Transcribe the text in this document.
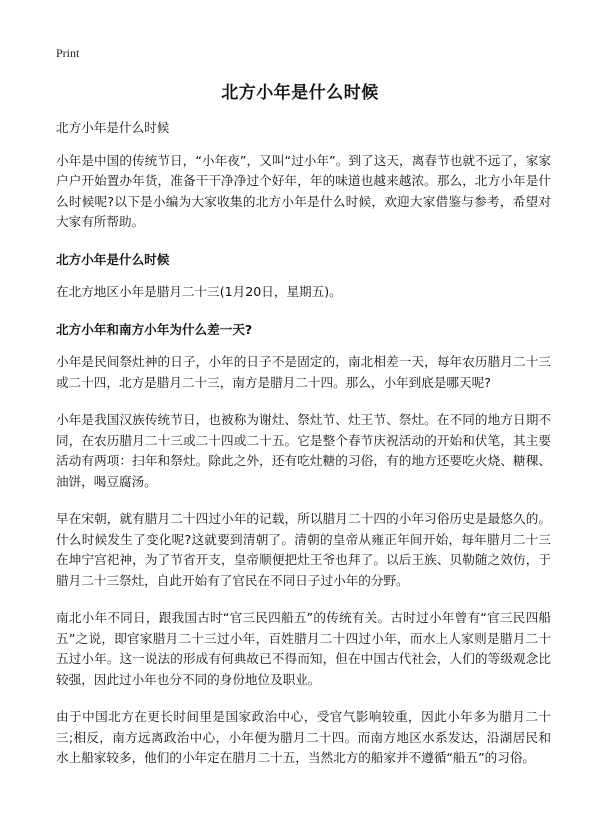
Print
北方小年是什么时候

北方小年是什么时候

小年是中国的传统节日，“小年夜”，又叫“过小年”。到了这天，离春节也就不远了，家家户户开始置办年货，准备干干净净过个好年，年的味道也越来越浓。那么，北方小年是什么时候呢?以下是小编为大家收集的北方小年是什么时候，欢迎大家借鉴与参考，希望对大家有所帮助。

北方小年是什么时候

在北方地区小年是腊月二十三(1月20日，星期五)。

北方小年和南方小年为什么差一天?

小年是民间祭灶神的日子，小年的日子不是固定的，南北相差一天，每年农历腊月二十三或二十四，北方是腊月二十三，南方是腊月二十四。那么，小年到底是哪天呢?

小年是我国汉族传统节日，也被称为谢灶、祭灶节、灶王节、祭灶。在不同的地方日期不同，在农历腊月二十三或二十四或二十五。它是整个春节庆祝活动的开始和伏笔，其主要活动有两项：扫年和祭灶。除此之外，还有吃灶糖的习俗，有的地方还要吃火烧、糖稞、油饼，喝豆腐汤。

早在宋朝，就有腊月二十四过小年的记载，所以腊月二十四的小年习俗历史是最悠久的。什么时候发生了变化呢?这就要到清朝了。清朝的皇帝从雍正年间开始，每年腊月二十三在坤宁宫祀神，为了节省开支，皇帝顺便把灶王爷也拜了。以后王族、贝勒随之效仿，于腊月二十三祭灶，自此开始有了官民在不同日子过小年的分野。

南北小年不同日，跟我国古时“官三民四船五”的传统有关。古时过小年曾有“官三民四船五”之说，即官家腊月二十三过小年，百姓腊月二十四过小年，而水上人家则是腊月二十五过小年。这一说法的形成有何典故已不得而知，但在中国古代社会，人们的等级观念比较强，因此过小年也分不同的身份地位及职业。

由于中国北方在更长时间里是国家政治中心，受官气影响较重，因此小年多为腊月二十三;相反，南方远离政治中心，小年便为腊月二十四。而南方地区水系发达，沿湖居民和水上船家较多，他们的小年定在腊月二十五，当然北方的船家并不遵循“船五”的习俗。
